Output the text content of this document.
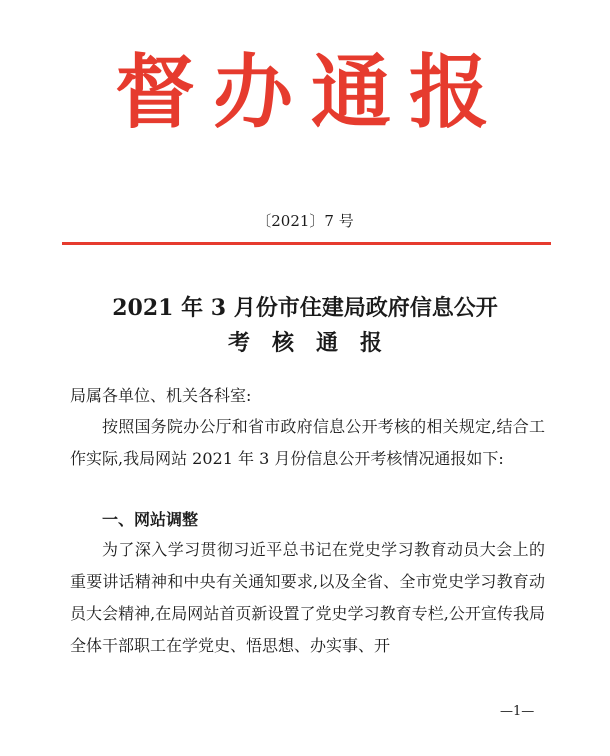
督办通报
〔2021〕7 号
2021 年 3 月份市住建局政府信息公开
考核通报
局属各单位、机关各科室:
按照国务院办公厅和省市政府信息公开考核的相关规定,结合工作实际,我局网站 2021 年 3 月份信息公开考核情况通报如下:
一、网站调整
为了深入学习贯彻习近平总书记在党史学习教育动员大会上的重要讲话精神和中央有关通知要求,以及全省、全市党史学习教育动员大会精神,在局网站首页新设置了党史学习教育专栏,公开宣传我局全体干部职工在学党史、悟思想、办实事、开
—1—
